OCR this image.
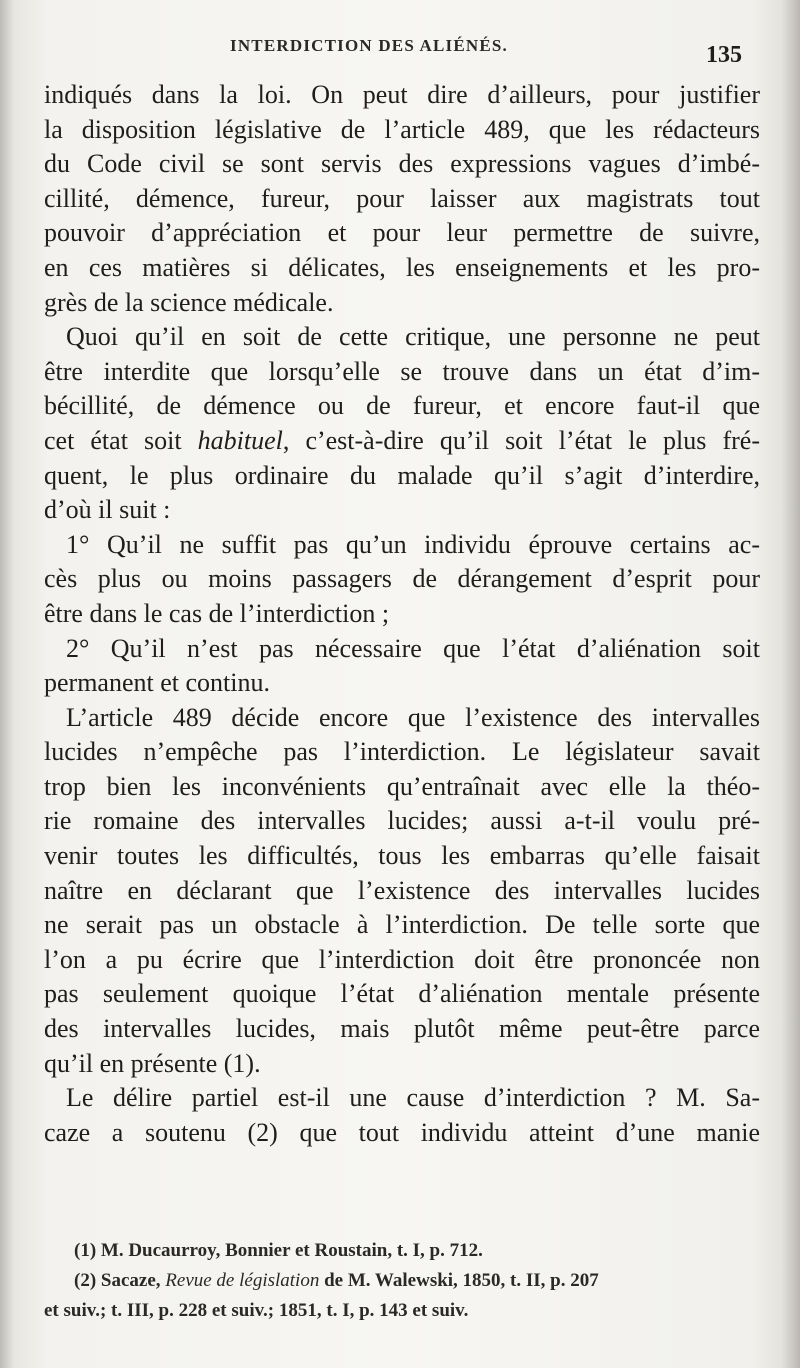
INTERDICTION DES ALIÉNÉS.	135
indiqués dans la loi. On peut dire d’ailleurs, pour justifier
la disposition législative de l’article 489, que les rédacteurs
du Code civil se sont servis des expressions vagues d’imbé-
cillité, démence, fureur, pour laisser aux magistrats tout
pouvoir d’appréciation et pour leur permettre de suivre,
en ces matières si délicates, les enseignements et les pro-
grès de la science médicale.
Quoi qu’il en soit de cette critique, une personne ne peut
être interdite que lorsqu’elle se trouve dans un état d’im-
bécillité, de démence ou de fureur, et encore faut-il que
cet état soit habituel, c’est-à-dire qu’il soit l’état le plus fré-
quent, le plus ordinaire du malade qu’il s’agit d’interdire,
d’où il suit :
1° Qu’il ne suffit pas qu’un individu éprouve certains ac-
cès plus ou moins passagers de dérangement d’esprit pour
être dans le cas de l’interdiction ;
2° Qu’il n’est pas nécessaire que l’état d’aliénation soit
permanent et continu.
L’article 489 décide encore que l’existence des intervalles
lucides n’empêche pas l’interdiction. Le législateur savait
trop bien les inconvénients qu’entraînait avec elle la théo-
rie romaine des intervalles lucides; aussi a-t-il voulu pré-
venir toutes les difficultés, tous les embarras qu’elle faisait
naître en déclarant que l’existence des intervalles lucides
ne serait pas un obstacle à l’interdiction. De telle sorte que
l’on a pu écrire que l’interdiction doit être prononcée non
pas seulement quoique l’état d’aliénation mentale présente
des intervalles lucides, mais plutôt même peut-être parce
qu’il en présente (1).
Le délire partiel est-il une cause d’interdiction ? M. Sa-
caze a soutenu (2) que tout individu atteint d’une manie
(1) M. Ducaurroy, Bonnier et Roustain, t. I, p. 712.
(2) Sacaze, Revue de législation de M. Walewski, 1850, t. II, p. 207
et suiv.; t. III, p. 228 et suiv.; 1851, t. I, p. 143 et suiv.
